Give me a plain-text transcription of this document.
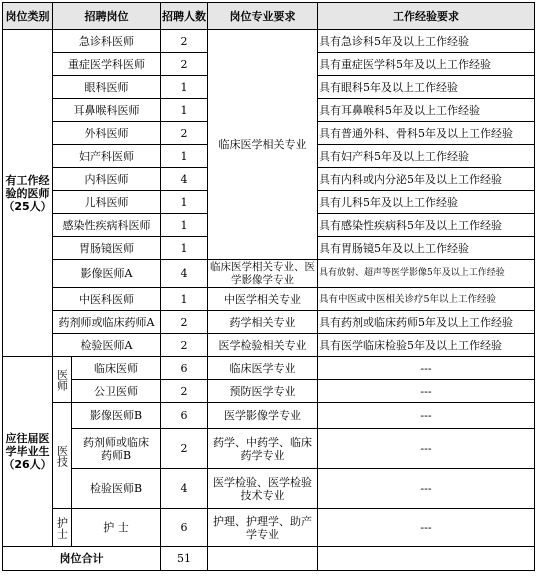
岗位类别	招聘岗位		招聘人数	岗位专业要求	工作经验要求
有工作经验的医师（25人）	急诊科医师		2	临床医学相关专业	具有急诊科5年及以上工作经验
	重症医学科医师		2		具有重症医学科5年及以上工作经验
	眼科医师		1		具有眼科5年及以上工作经验
	耳鼻喉科医师		1		具有耳鼻喉科5年及以上工作经验
	外科医师		2		具有普通外科、骨科5年及以上工作经验
	妇产科医师		1		具有妇产科5年及以上工作经验
	内科医师		4		具有内科或内分泌5年及以上工作经验
	儿科医师		1		具有儿科5年及以上工作经验
	感染性疾病科医师		1		具有感染性疾病科5年及以上工作经验
	胃肠镜医师		1		具有胃肠镜5年及以上工作经验
	影像医师A		4	临床医学相关专业、医学影像学专业	具有放射、超声等医学影像5年及以上工作经验
	中医科医师		1	中医学相关专业	具有中医或中医相关诊疗5年以上工作经验
	药剂师或临床药师A		2	药学相关专业	具有药剂或临床药师5年及以上工作经验
	检验医师A		2	医学检验相关专业	具有医学临床检验5年及以上工作经验
应往届医学毕业生（26人）	医师	临床医师	6	临床医学专业	---
		公卫医师	2	预防医学专业	---
	医技	影像医师B	6	医学影像学专业	---
		药剂师或临床药师B	2	药学、中药学、临床药学专业	---
		检验医师B	4	医学检验、医学检验技术专业	---
	护士	护 士	6	护理、护理学、助产学专业	---
岗位合计			51		
